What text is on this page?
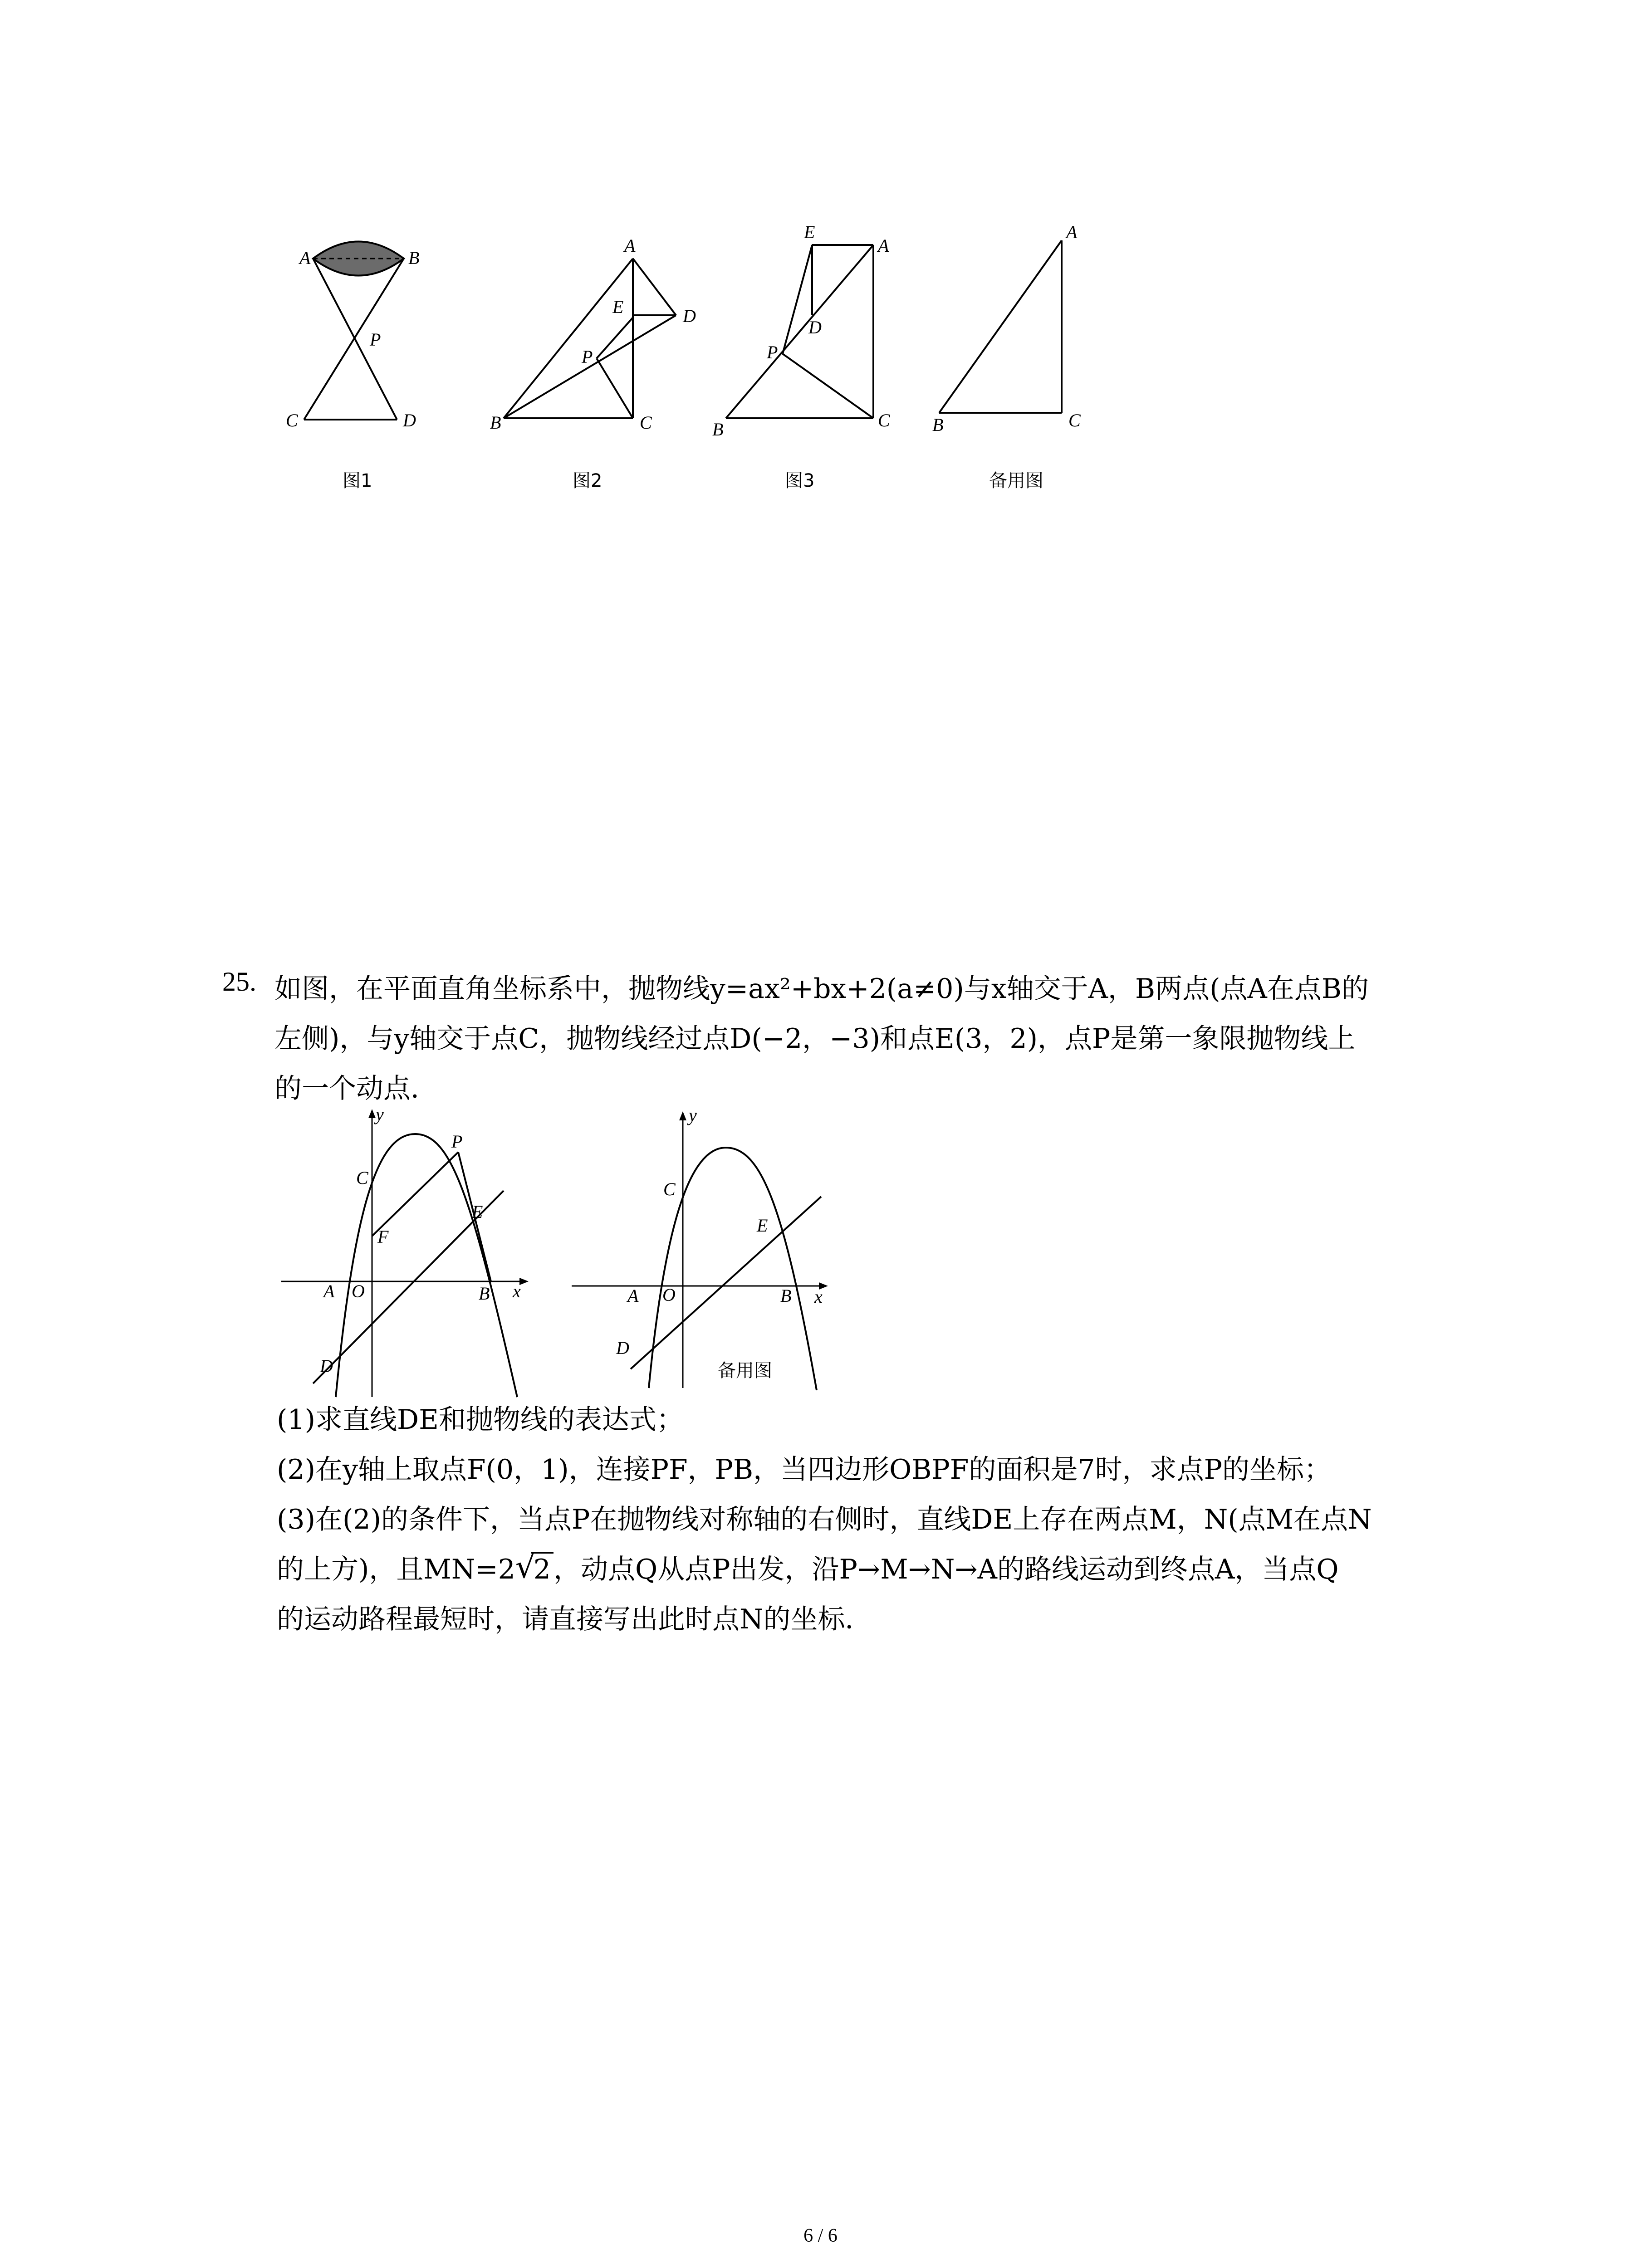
A	B
P
C	D
图1
A
E	D
P
B	C
图2
E
A
D
P
B	C
图3
A
B	C
备用图
25. 如图，在平面直角坐标系中，抛物线y=ax²+bx+2(a≠0)与x轴交于A，B两点(点A在点B的
左侧)，与y轴交于点C，抛物线经过点D(−2，−3)和点E(3，2)，点P是第一象限抛物线上
的一个动点．
y
x
C
P
F
E
A O	B
D
y
x
C
E
A O	B
D
备用图
(1)求直线DE和抛物线的表达式；
(2)在y轴上取点F(0，1)，连接PF，PB，当四边形OBPF的面积是7时，求点P的坐标；
(3)在(2)的条件下，当点P在抛物线对称轴的右侧时，直线DE上存在两点M，N(点M在点N
的上方)，且MN=2√ 2 ，动点Q从点P出发，沿P→M→N→A的路线运动到终点A，当点Q
的运动路程最短时，请直接写出此时点N的坐标．
6 / 6
